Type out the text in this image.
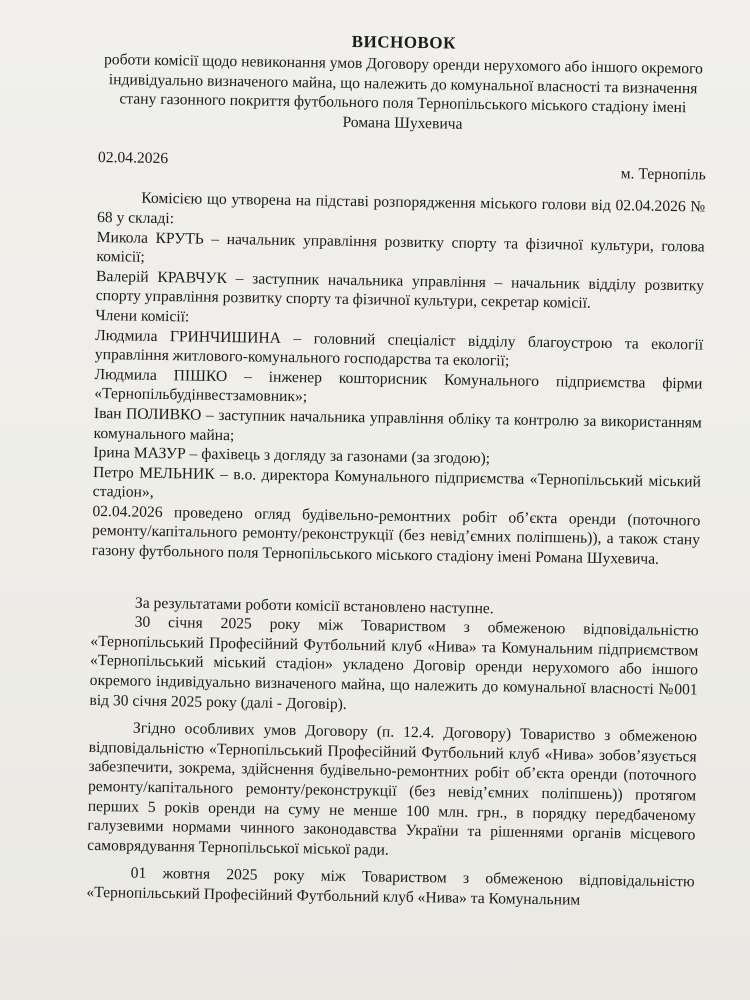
ВИСНОВОК
роботи комісії щодо невиконання умов Договору оренди нерухомого або іншого окремого індивідуально визначеного майна, що належить до комунальної власності та визначення стану газонного покриття футбольного поля Тернопільського міського стадіону імені Романа Шухевича
02.04.2026
м. Тернопіль

Комісією що утворена на підставі розпорядження міського голови від 02.04.2026 № 68 у складі:

Микола КРУТЬ – начальник управління розвитку спорту та фізичної культури, голова комісії;

Валерій КРАВЧУК – заступник начальника управління – начальник відділу розвитку спорту управління розвитку спорту та фізичної культури, секретар комісії.

Члени комісії:

Людмила ГРИНЧИШИНА – головний спеціаліст відділу благоустрою та екології управління житлового-комунального господарства та екології;

Людмила ПІШКО – інженер кошторисник Комунального підприємства фірми «Тернопільбудінвестзамовник»;

Іван ПОЛИВКО – заступник начальника управління обліку та контролю за використанням комунального майна;

Ірина МАЗУР – фахівець з догляду за газонами (за згодою);

Петро МЕЛЬНИК – в.о. директора Комунального підприємства «Тернопільський міський стадіон»,

02.04.2026 проведено огляд будівельно-ремонтних робіт об’єкта оренди (поточного ремонту/капітального ремонту/реконструкції (без невід’ємних поліпшень)), а також стану газону футбольного поля Тернопільського міського стадіону імені Романа Шухевича.

За результатами роботи комісії встановлено наступне.

30 січня 2025 року між Товариством з обмеженою відповідальністю «Тернопільський Професійний Футбольний клуб «Нива» та Комунальним підприємством «Тернопільський міський стадіон» укладено Договір оренди нерухомого або іншого окремого індивідуально визначеного майна, що належить до комунальної власності №001 від 30 січня 2025 року (далі - Договір).

Згідно особливих умов Договору (п. 12.4. Договору) Товариство з обмеженою відповідальністю «Тернопільський Професійний Футбольний клуб «Нива» зобов’язується забезпечити, зокрема, здійснення будівельно-ремонтних робіт об’єкта оренди (поточного ремонту/капітального ремонту/реконструкції (без невід’ємних поліпшень)) протягом перших 5 років оренди на суму не менше 100 млн. грн., в порядку передбаченому галузевими нормами чинного законодавства України та рішеннями органів місцевого самоврядування Тернопільської міської ради.

01 жовтня 2025 року між Товариством з обмеженою відповідальністю «Тернопільський Професійний Футбольний клуб «Нива» та Комунальним
